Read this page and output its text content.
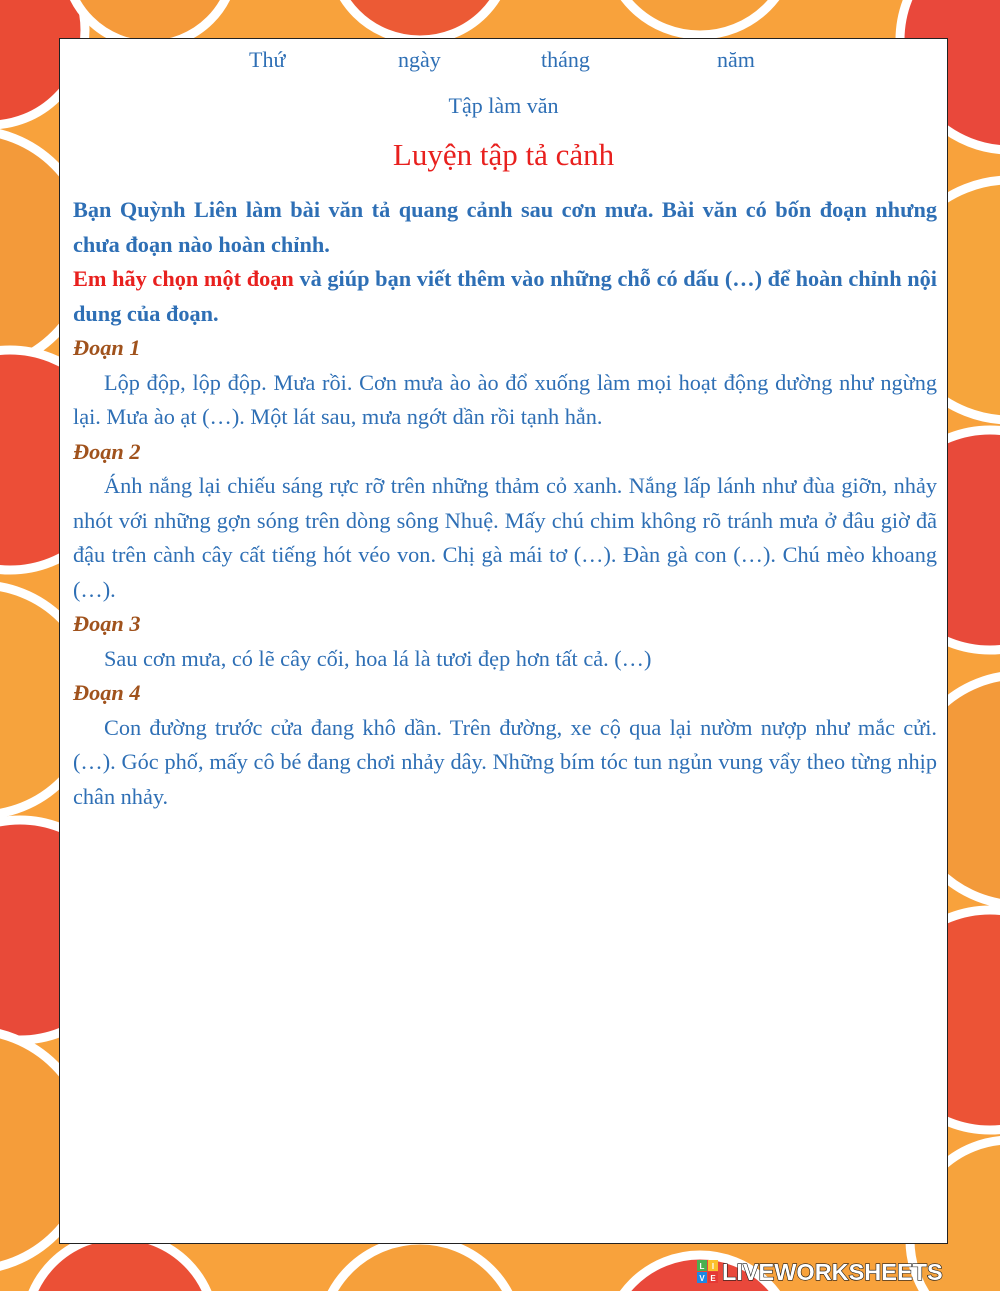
Thứ	ngày	tháng	năm
Tập làm văn
Luyện tập tả cảnh

Bạn Quỳnh Liên làm bài văn tả quang cảnh sau cơn mưa. Bài văn có bốn đoạn nhưng chưa đoạn nào hoàn chỉnh.

Em hãy chọn một đoạn và giúp bạn viết thêm vào những chỗ có dấu (…) để hoàn chỉnh nội dung của đoạn.

Đoạn 1

Lộp độp, lộp độp. Mưa rồi. Cơn mưa ào ào đổ xuống làm mọi hoạt động dường như ngừng lại. Mưa ào ạt (…). Một lát sau, mưa ngớt dần rồi tạnh hẳn.

Đoạn 2

Ánh nắng lại chiếu sáng rực rỡ trên những thảm cỏ xanh. Nắng lấp lánh như đùa giỡn, nhảy nhót với những gợn sóng trên dòng sông Nhuệ. Mấy chú chim không rõ tránh mưa ở đâu giờ đã đậu trên cành cây cất tiếng hót véo von. Chị gà mái tơ (…). Đàn gà con (…). Chú mèo khoang (…).

Đoạn 3

Sau cơn mưa, có lẽ cây cối, hoa lá là tươi đẹp hơn tất cả. (…)

Đoạn 4

Con đường trước cửa đang khô dần. Trên đường, xe cộ qua lại nườm nượp như mắc cửi. (…). Góc phố, mấy cô bé đang chơi nhảy dây. Những bím tóc tun ngủn vung vẩy theo từng nhịp chân nhảy.

L I
V E LIVEWORKSHEETS
